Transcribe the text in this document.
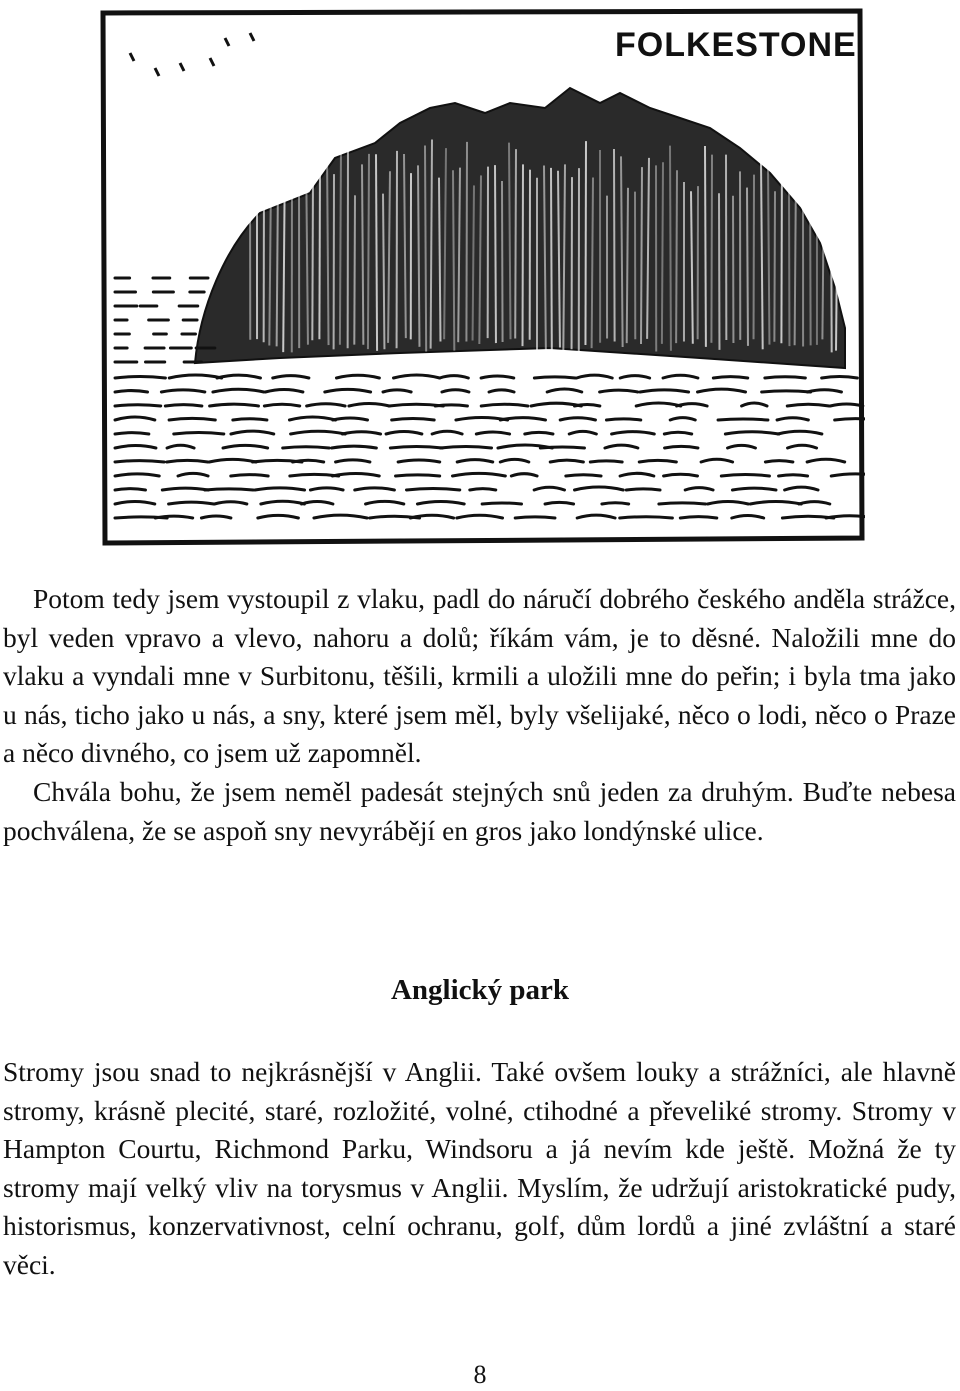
FOLKESTONE

Potom tedy jsem vystoupil z vlaku, padl do náručí dobrého českého anděla strážce, byl veden vpravo a vlevo, nahoru a dolů; říkám vám, je to děsné. Naložili mne do vlaku a vyndali mne v Surbitonu, těšili, krmili a uložili mne do peřin; i byla tma jako u nás, ticho jako u nás, a sny, které jsem měl, byly všelijaké, něco o lodi, něco o Praze a něco divného, co jsem už zapomněl.

Chvála bohu, že jsem neměl padesát stejných snů jeden za druhým. Buďte nebesa pochválena, že se aspoň sny nevyrábějí en gros jako londýnské ulice.

Anglický park

Stromy jsou snad to nejkrásnější v Anglii. Také ovšem louky a strážníci, ale hlavně stromy, krásně plecité, staré, rozložité, volné, ctihodné a převeliké stromy. Stromy v Hampton Courtu, Richmond Parku, Windsoru a já nevím kde ještě. Možná že ty stromy mají velký vliv na torysmus v Anglii. Myslím, že udržují aristokratické pudy, historismus, konzervativnost, celní ochranu, golf, dům lordů a jiné zvláštní a staré věci.

8
